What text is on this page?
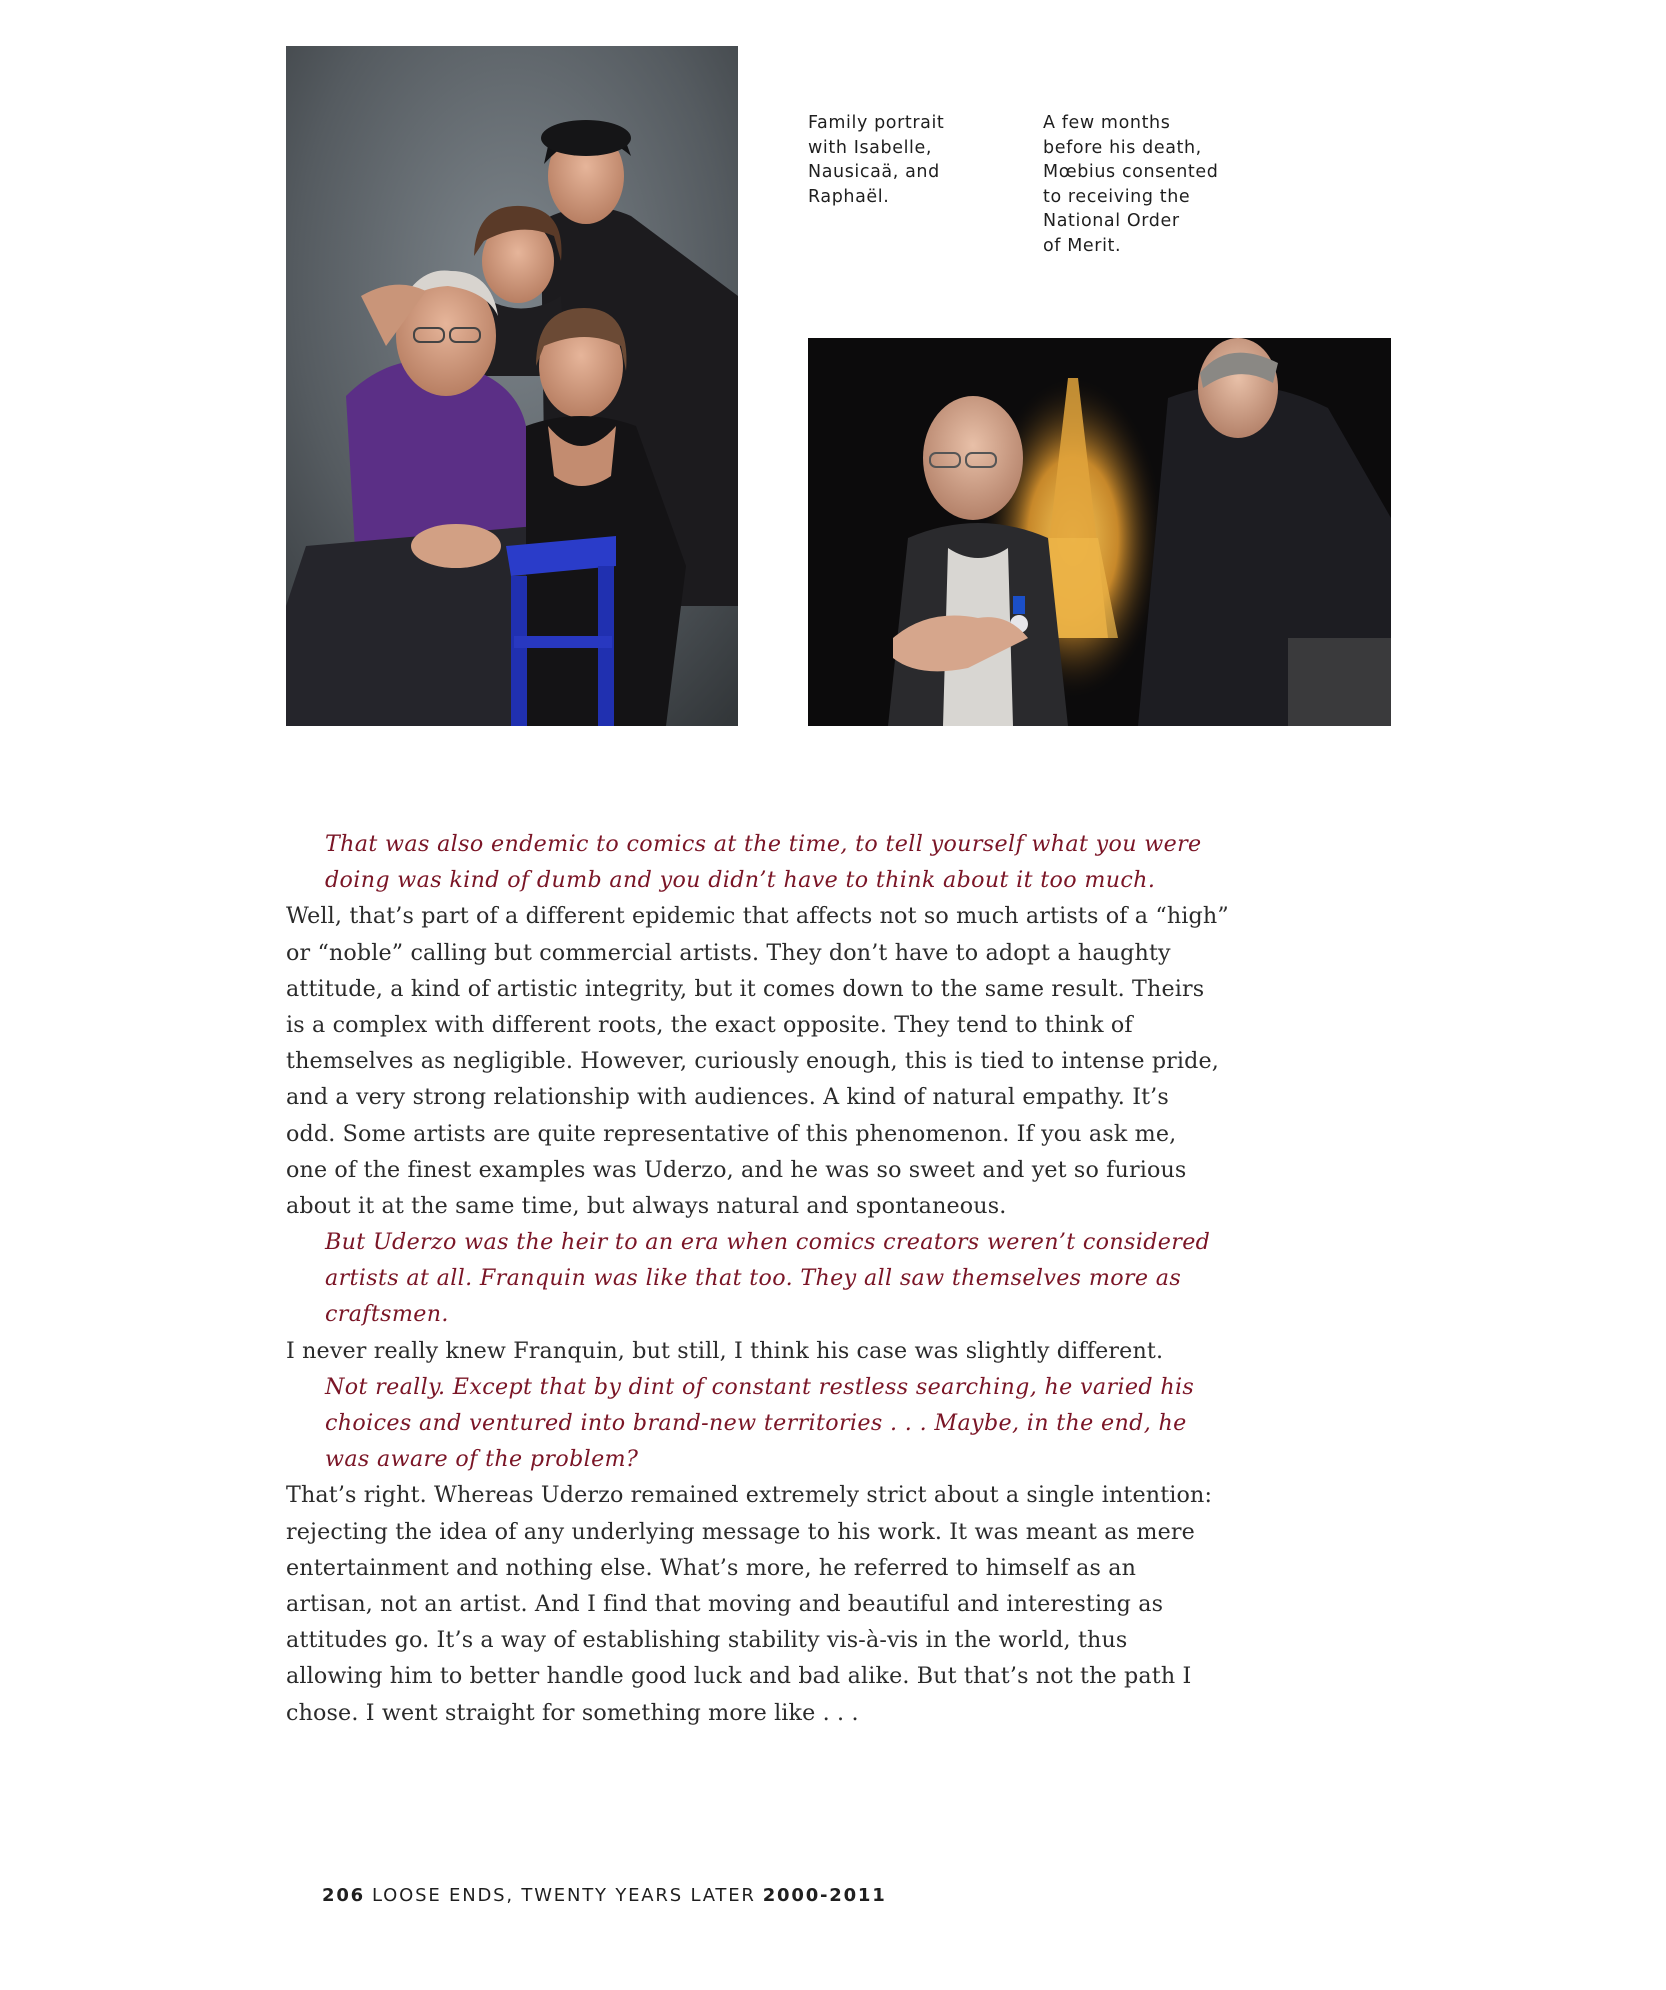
Family portrait
with Isabelle,
Nausicaä, and
Raphaël.

A few months
before his death,
Mœbius consented
to receiving the
National Order
of Merit.

That was also endemic to comics at the time, to tell yourself what you were
doing was kind of dumb and you didn’t have to think about it too much.
Well, that’s part of a different epidemic that affects not so much artists of a “high”
or “noble” calling but commercial artists. They don’t have to adopt a haughty
attitude, a kind of artistic integrity, but it comes down to the same result. Theirs
is a complex with different roots, the exact opposite. They tend to think of
themselves as negligible. However, curiously enough, this is tied to intense pride,
and a very strong relationship with audiences. A kind of natural empathy. It’s
odd. Some artists are quite representative of this phenomenon. If you ask me,
one of the finest examples was Uderzo, and he was so sweet and yet so furious
about it at the same time, but always natural and spontaneous.
But Uderzo was the heir to an era when comics creators weren’t considered
artists at all. Franquin was like that too. They all saw themselves more as
craftsmen.
I never really knew Franquin, but still, I think his case was slightly different.
Not really. Except that by dint of constant restless searching, he varied his
choices and ventured into brand-new territories . . . Maybe, in the end, he
was aware of the problem?
That’s right. Whereas Uderzo remained extremely strict about a single intention:
rejecting the idea of any underlying message to his work. It was meant as mere
entertainment and nothing else. What’s more, he referred to himself as an
artisan, not an artist. And I find that moving and beautiful and interesting as
attitudes go. It’s a way of establishing stability vis-à-vis in the world, thus
allowing him to better handle good luck and bad alike. But that’s not the path I
chose. I went straight for something more like . . .
206 LOOSE ENDS, TWENTY YEARS LATER 2000-2011
